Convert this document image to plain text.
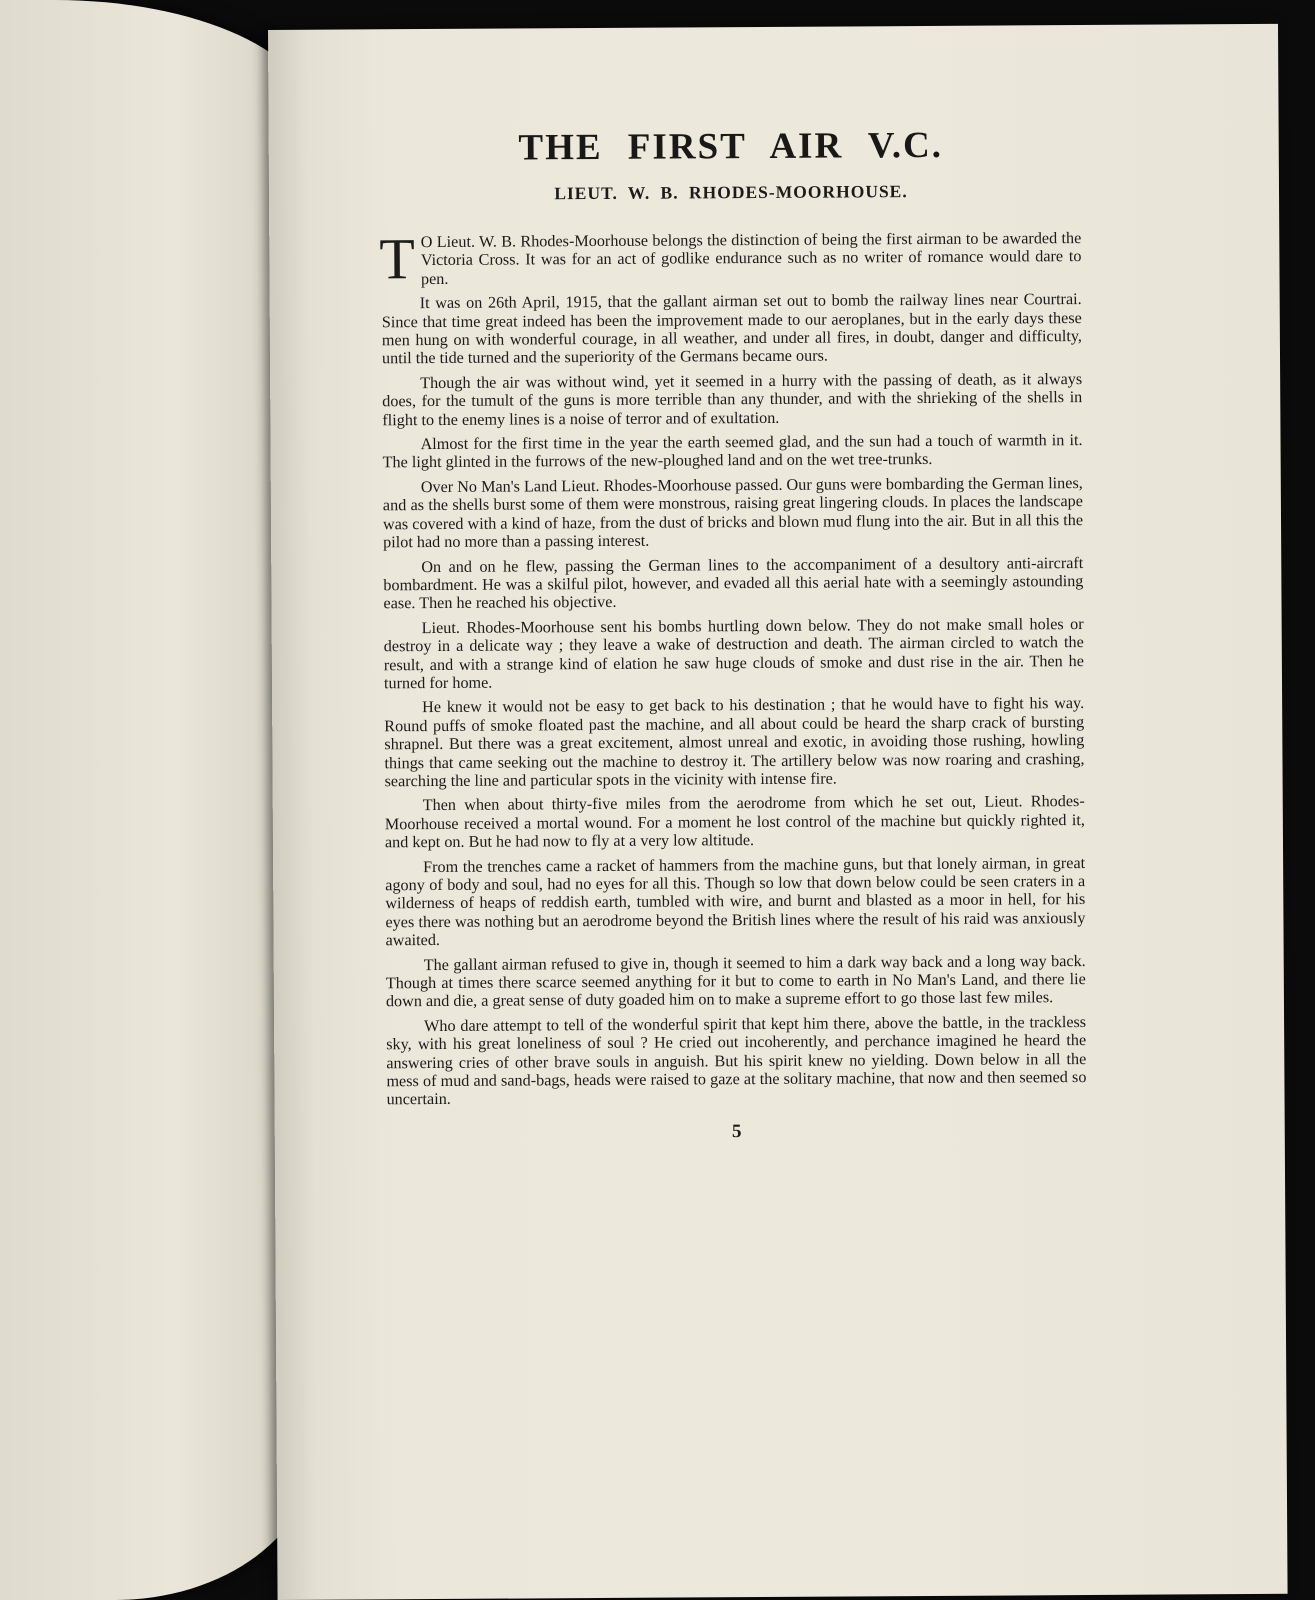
THE FIRST AIR V.C.
LIEUT. W. B. RHODES-MOORHOUSE.

T O Lieut. W. B. Rhodes-Moorhouse belongs the distinction of being the first airman to be awarded the Victoria Cross. It was for an act of godlike endurance such as no writer of romance would dare to pen.

It was on 26th April, 1915, that the gallant airman set out to bomb the railway lines near Courtrai. Since that time great indeed has been the improvement made to our aeroplanes, but in the early days these men hung on with wonderful courage, in all weather, and under all fires, in doubt, danger and difficulty, until the tide turned and the superiority of the Germans became ours.

Though the air was without wind, yet it seemed in a hurry with the passing of death, as it always does, for the tumult of the guns is more terrible than any thunder, and with the shrieking of the shells in flight to the enemy lines is a noise of terror and of exultation.

Almost for the first time in the year the earth seemed glad, and the sun had a touch of warmth in it. The light glinted in the furrows of the new-ploughed land and on the wet tree-trunks.

Over No Man's Land Lieut. Rhodes-Moorhouse passed. Our guns were bombarding the German lines, and as the shells burst some of them were monstrous, raising great lingering clouds. In places the landscape was covered with a kind of haze, from the dust of bricks and blown mud flung into the air. But in all this the pilot had no more than a passing interest.

On and on he flew, passing the German lines to the accompaniment of a desultory anti-aircraft bombardment. He was a skilful pilot, however, and evaded all this aerial hate with a seemingly astounding ease. Then he reached his objective.

Lieut. Rhodes-Moorhouse sent his bombs hurtling down below. They do not make small holes or destroy in a delicate way ; they leave a wake of destruction and death. The airman circled to watch the result, and with a strange kind of elation he saw huge clouds of smoke and dust rise in the air. Then he turned for home.

He knew it would not be easy to get back to his destination ; that he would have to fight his way. Round puffs of smoke floated past the machine, and all about could be heard the sharp crack of bursting shrapnel. But there was a great excitement, almost unreal and exotic, in avoiding those rushing, howling things that came seeking out the machine to destroy it. The artillery below was now roaring and crashing, searching the line and particular spots in the vicinity with intense fire.

Then when about thirty-five miles from the aerodrome from which he set out, Lieut. Rhodes-Moorhouse received a mortal wound. For a moment he lost control of the machine but quickly righted it, and kept on. But he had now to fly at a very low altitude.

From the trenches came a racket of hammers from the machine guns, but that lonely airman, in great agony of body and soul, had no eyes for all this. Though so low that down below could be seen craters in a wilderness of heaps of reddish earth, tumbled with wire, and burnt and blasted as a moor in hell, for his eyes there was nothing but an aerodrome beyond the British lines where the result of his raid was anxiously awaited.

The gallant airman refused to give in, though it seemed to him a dark way back and a long way back. Though at times there scarce seemed anything for it but to come to earth in No Man's Land, and there lie down and die, a great sense of duty goaded him on to make a supreme effort to go those last few miles.

Who dare attempt to tell of the wonderful spirit that kept him there, above the battle, in the trackless sky, with his great loneliness of soul ? He cried out incoherently, and perchance imagined he heard the answering cries of other brave souls in anguish. But his spirit knew no yielding. Down below in all the mess of mud and sand-bags, heads were raised to gaze at the solitary machine, that now and then seemed so uncertain.

5
